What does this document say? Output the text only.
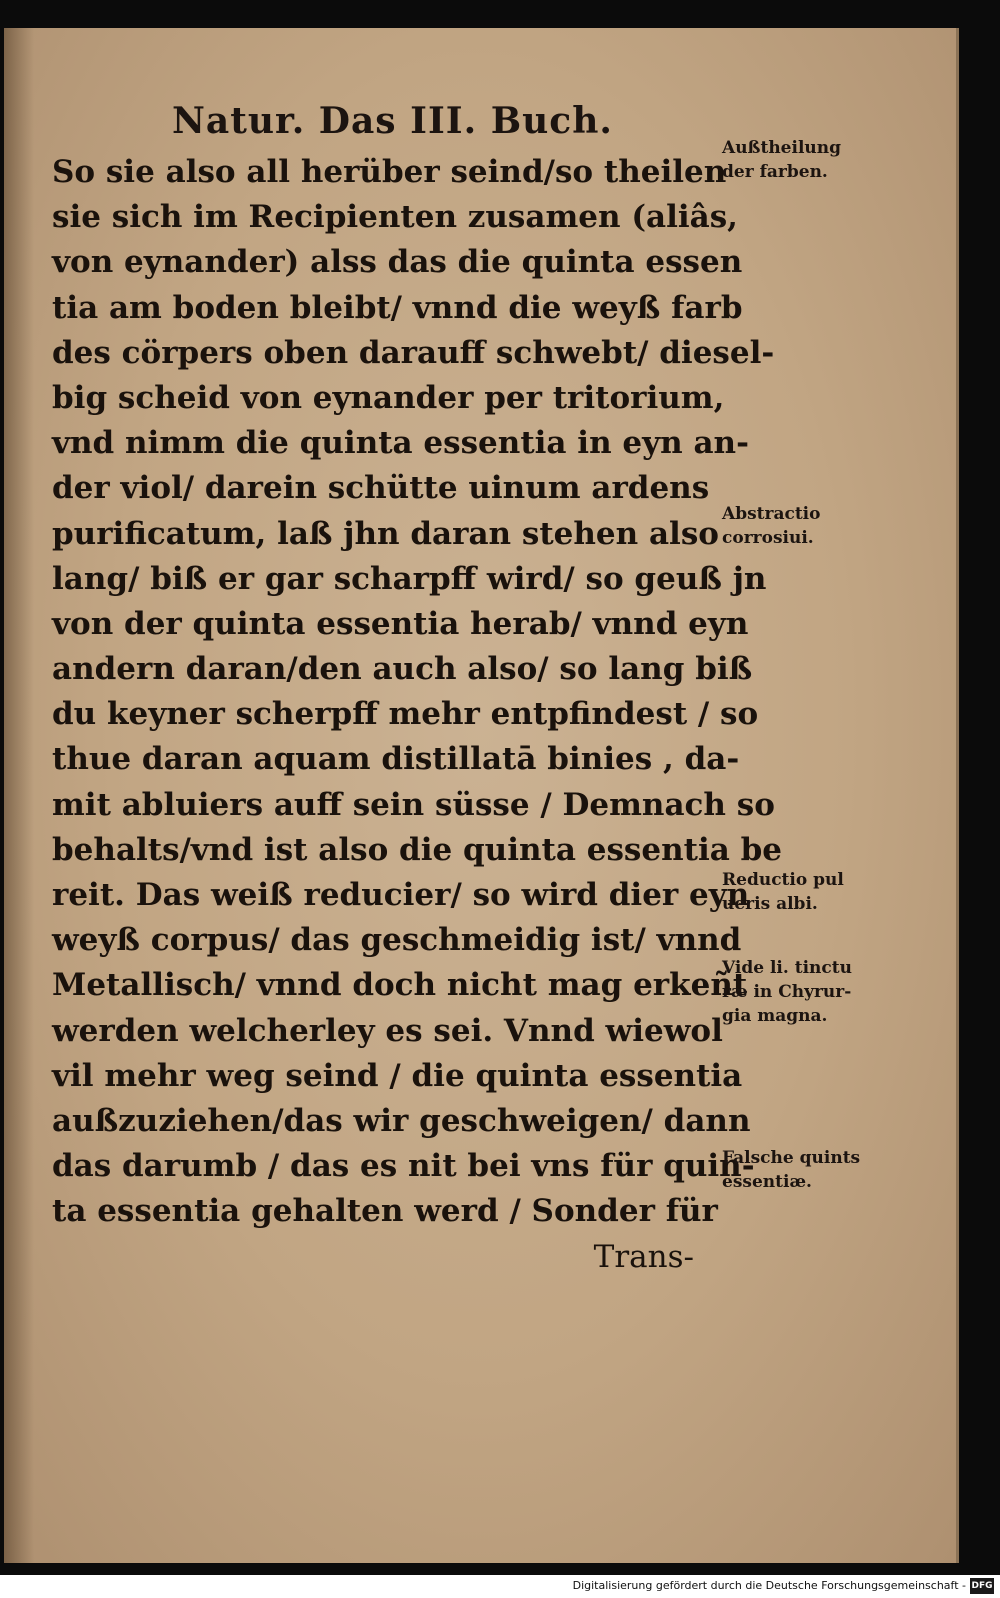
Natur. Das III. Buch.
So sie also all herüber seind/so theilen
sie sich im Recipienten zusamen (aliâs,
von eynander) alss das die quinta essen
tia am boden bleibt/ vnnd die weyß farb
des cörpers oben darauff schwebt/ diesel-
big scheid von eynander per tritorium,
vnd nimm die quinta essentia in eyn an-
der viol/ darein schütte uinum ardens
purificatum, laß jhn daran stehen also
lang/ biß er gar scharpff wird/ so geuß jn
von der quinta essentia herab/ vnnd eyn
andern daran/den auch also/ so lang biß
du keyner scherpff mehr entpfindest / so
thue daran aquam distillatā binies , da-
mit abluiers auff sein süsse / Demnach so
behalts/vnd ist also die quinta essentia be
reit. Das weiß reducier/ so wird dier eyn
weyß corpus/ das geschmeidig ist/ vnnd
Metallisch/ vnnd doch nicht mag erkeñt
werden welcherley es sei. Vnnd wiewol
vil mehr weg seind / die quinta essentia
außzuziehen/das wir geschweigen/ dann
das darumb / das es nit bei vns für quin-
ta essentia gehalten werd / Sonder für
Trans-
Außtheilung
der farben.
Abstractio
corrosiui.
Reductio pul
ueris albi.
Vide li. tinctu
ræ in Chyrur-
gia magna.
Falsche quints
essentiæ.
Digitalisierung gefördert durch die Deutsche Forschungsgemeinschaft - DFG
